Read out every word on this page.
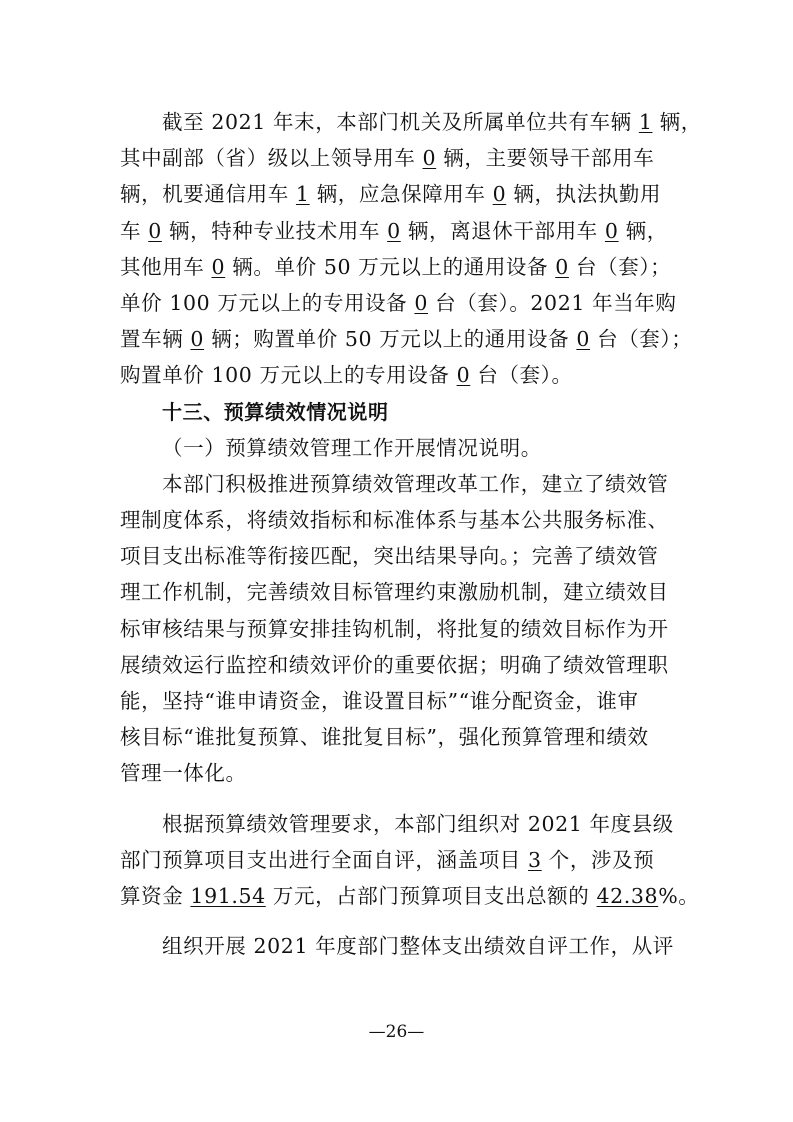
截至 2021 年末，本部门机关及所属单位共有车辆 1 辆，
其中副部（省）级以上领导用车 0 辆，主要领导干部用车
辆，机要通信用车 1 辆，应急保障用车 0 辆，执法执勤用
车 0 辆，特种专业技术用车 0 辆，离退休干部用车 0 辆，
其他用车 0 辆。单价 50 万元以上的通用设备 0 台（套）；
单价 100 万元以上的专用设备 0 台（套）。2021 年当年购
置车辆 0 辆；购置单价 50 万元以上的通用设备 0 台（套）；
购置单价 100 万元以上的专用设备 0 台（套）。
十三、预算绩效情况说明
（一）预算绩效管理工作开展情况说明。
本部门积极推进预算绩效管理改革工作，建立了绩效管
理制度体系，将绩效指标和标准体系与基本公共服务标准、
项目支出标准等衔接匹配，突出结果导向。；完善了绩效管
理工作机制，完善绩效目标管理约束激励机制，建立绩效目
标审核结果与预算安排挂钩机制，将批复的绩效目标作为开
展绩效运行监控和绩效评价的重要依据；明确了绩效管理职
能，坚持“谁申请资金，谁设置目标”“谁分配资金，谁审
核目标“谁批复预算、谁批复目标”，强化预算管理和绩效
管理一体化。
根据预算绩效管理要求，本部门组织对 2021 年度县级
部门预算项目支出进行全面自评，涵盖项目 3 个，涉及预
算资金 191.54 万元，占部门预算项目支出总额的 42.38%。
组织开展 2021 年度部门整体支出绩效自评工作，从评
—26—
